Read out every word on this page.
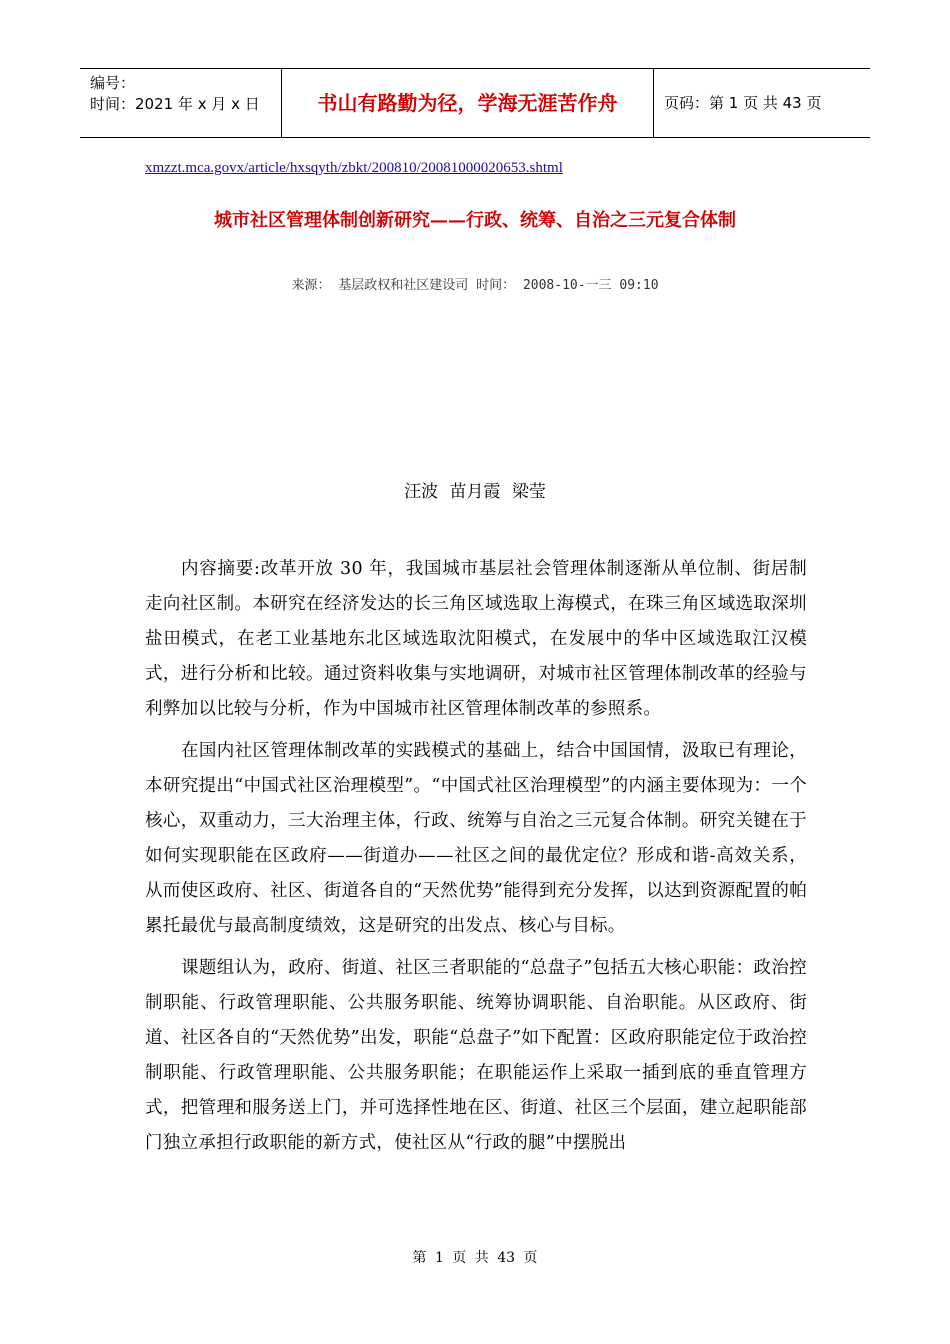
编号：
时间：2021 年 x 月 x 日	书山有路勤为径，学海无涯苦作舟	页码：第 1 页 共 43 页
xmzzt.mca.govx/article/hxsqyth/zbkt/200810/20081000020653.shtml
城市社区管理体制创新研究——行政、统筹、自治之三元复合体制
来源： 基层政权和社区建设司 时间： 2008-10-一三 09:10
汪波 苗月霞 梁莹

内容摘要:改革开放 30 年，我国城市基层社会管理体制逐渐从单位制、街居制走向社区制。本研究在经济发达的长三角区域选取上海模式，在珠三角区域选取深圳盐田模式，在老工业基地东北区域选取沈阳模式，在发展中的华中区域选取江汉模式，进行分析和比较。通过资料收集与实地调研，对城市社区管理体制改革的经验与利弊加以比较与分析，作为中国城市社区管理体制改革的参照系。

在国内社区管理体制改革的实践模式的基础上，结合中国国情，汲取已有理论，本研究提出“中国式社区治理模型”。“中国式社区治理模型”的内涵主要体现为：一个核心，双重动力，三大治理主体，行政、统筹与自治之三元复合体制。研究关键在于如何实现职能在区政府——街道办——社区之间的最优定位？形成和谐-高效关系，从而使区政府、社区、街道各自的“天然优势”能得到充分发挥，以达到资源配置的帕累托最优与最高制度绩效，这是研究的出发点、核心与目标。

课题组认为，政府、街道、社区三者职能的“总盘子”包括五大核心职能：政治控制职能、行政管理职能、公共服务职能、统筹协调职能、自治职能。从区政府、街道、社区各自的“天然优势”出发，职能“总盘子”如下配置：区政府职能定位于政治控制职能、行政管理职能、公共服务职能；在职能运作上采取一插到底的垂直管理方式，把管理和服务送上门，并可选择性地在区、街道、社区三个层面，建立起职能部门独立承担行政职能的新方式，使社区从“行政的腿”中摆脱出

第 1 页 共 43 页
